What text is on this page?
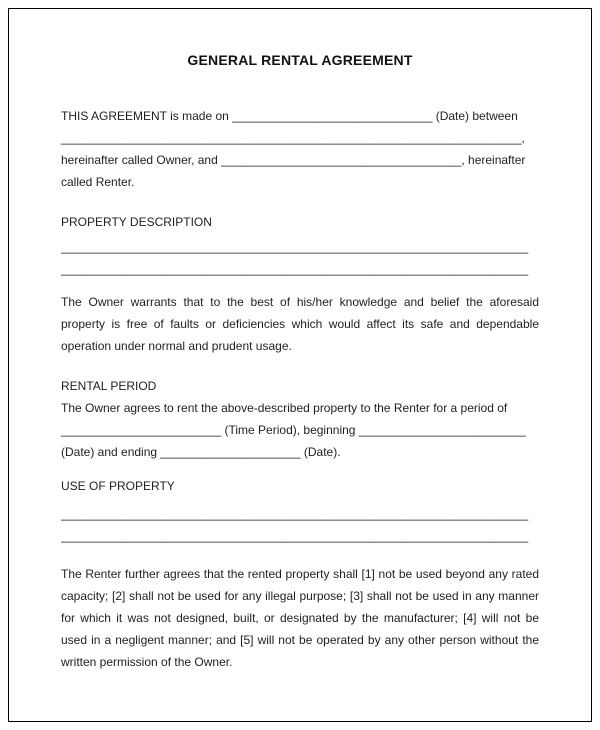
GENERAL RENTAL AGREEMENT

THIS AGREEMENT is made on ______________________________ (Date) between _____________________________________________________________________, hereinafter called Owner, and ____________________________________, hereinafter called Renter.

PROPERTY DESCRIPTION
______________________________________________________________________
______________________________________________________________________

The Owner warrants that to the best of his/her knowledge and belief the aforesaid property is free of faults or deficiencies which would affect its safe and dependable operation under normal and prudent usage.

RENTAL PERIOD

The Owner agrees to rent the above-described property to the Renter for a period of ________________________ (Time Period), beginning _________________________ (Date) and ending _____________________ (Date).

USE OF PROPERTY
______________________________________________________________________
______________________________________________________________________

The Renter further agrees that the rented property shall [1] not be used beyond any rated capacity; [2] shall not be used for any illegal purpose; [3] shall not be used in any manner for which it was not designed, built, or designated by the manufacturer; [4] will not be used in a negligent manner; and [5] will not be operated by any other person without the written permission of the Owner.
